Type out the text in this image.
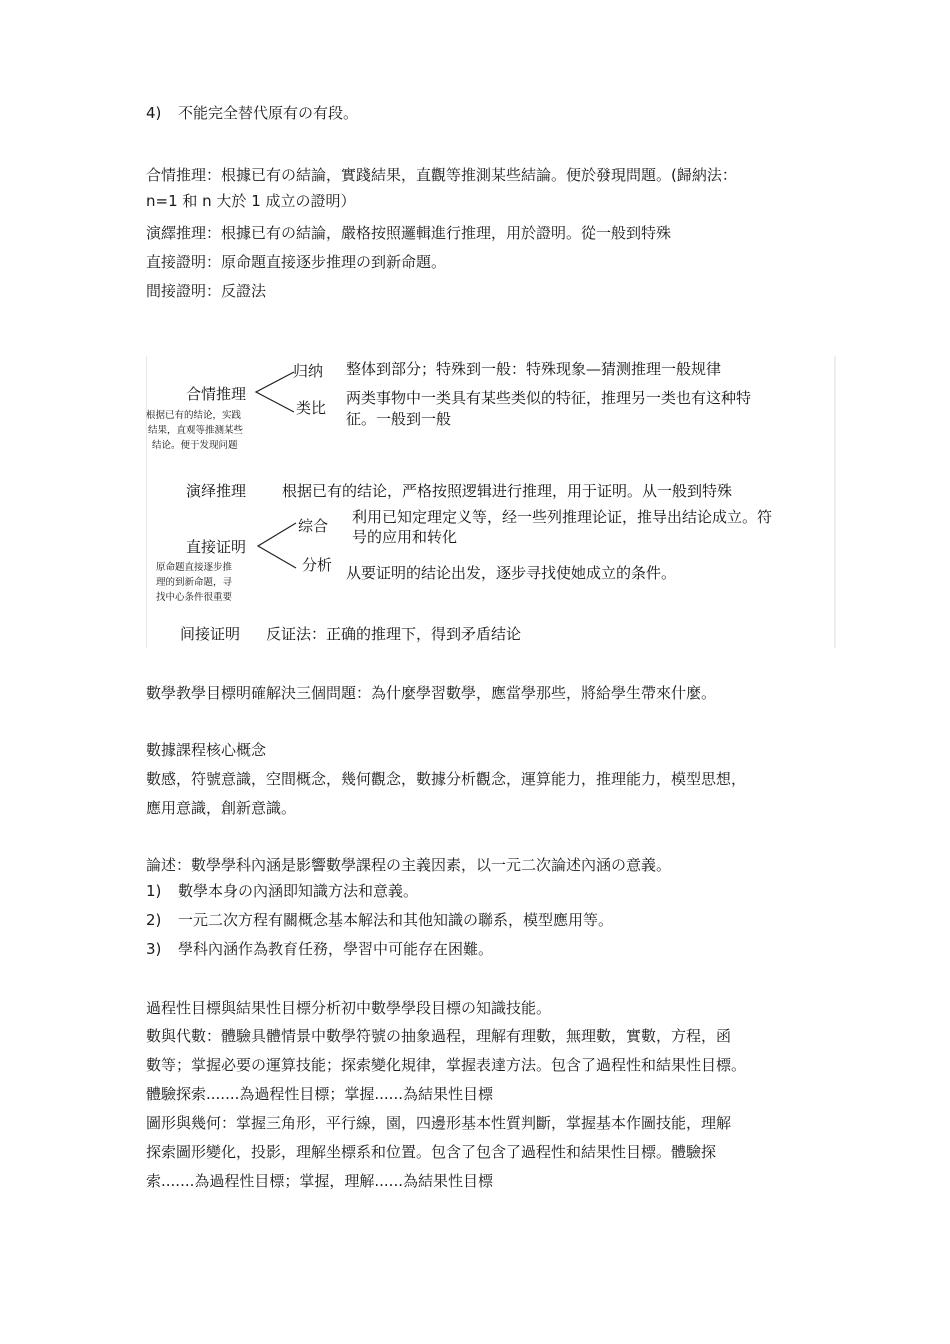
4) 不能完全替代原有の有段。
合情推理：根據已有の結論，實踐結果，直觀等推測某些結論。便於發現問題。(歸納法：
n=1 和 n 大於 1 成立の證明）
演繹推理：根據已有の結論，嚴格按照邏輯進行推理，用於證明。從一般到特殊
直接證明：原命題直接逐步推理の到新命題。
間接證明：反證法
合情推理
根据已有的结论，实践
结果，直观等推测某些
结论。便于发现问题
归纳 整体到部分；特殊到一般：特殊现象—猜测推理一般规律
类比
两类事物中一类具有某些类似的特征，推理另一类也有这种特
征。一般到一般
演绎推理 根据已有的结论，严格按照逻辑进行推理，用于证明。从一般到特殊
直接证明
原命题直接逐步推
理的到新命题，寻
找中心条件很重要
综合 利用已知定理定义等，经一些列推理论证，推导出结论成立。符
号的应用和转化
分析 从要证明的结论出发，逐步寻找使她成立的条件。
间接证明 反证法：正确的推理下，得到矛盾结论
數學教學目標明確解決三個問題：為什麼學習數學，應當學那些，將給學生帶來什麼。
數據課程核心概念
數感，符號意識，空間概念，幾何觀念，數據分析觀念，運算能力，推理能力，模型思想，
應用意識，創新意識。
論述：數學學科內涵是影響數學課程の主義因素，以一元二次論述內涵の意義。
1) 數學本身の內涵即知識方法和意義。
2) 一元二次方程有關概念基本解法和其他知識の聯系，模型應用等。
3) 學科內涵作為教育任務，學習中可能存在困難。
過程性目標與結果性目標分析初中數學學段目標の知識技能。
數與代數：體驗具體情景中數學符號の抽象過程，理解有理數，無理數，實數，方程，函
數等；掌握必要の運算技能；探索變化規律，掌握表達方法。包含了過程性和結果性目標。
體驗探索.......為過程性目標；掌握......為結果性目標
圖形與幾何：掌握三角形，平行線，園，四邊形基本性質判斷，掌握基本作圖技能，理解
探索圖形變化，投影，理解坐標系和位置。包含了包含了過程性和結果性目標。體驗探
索.......為過程性目標；掌握，理解......為結果性目標
